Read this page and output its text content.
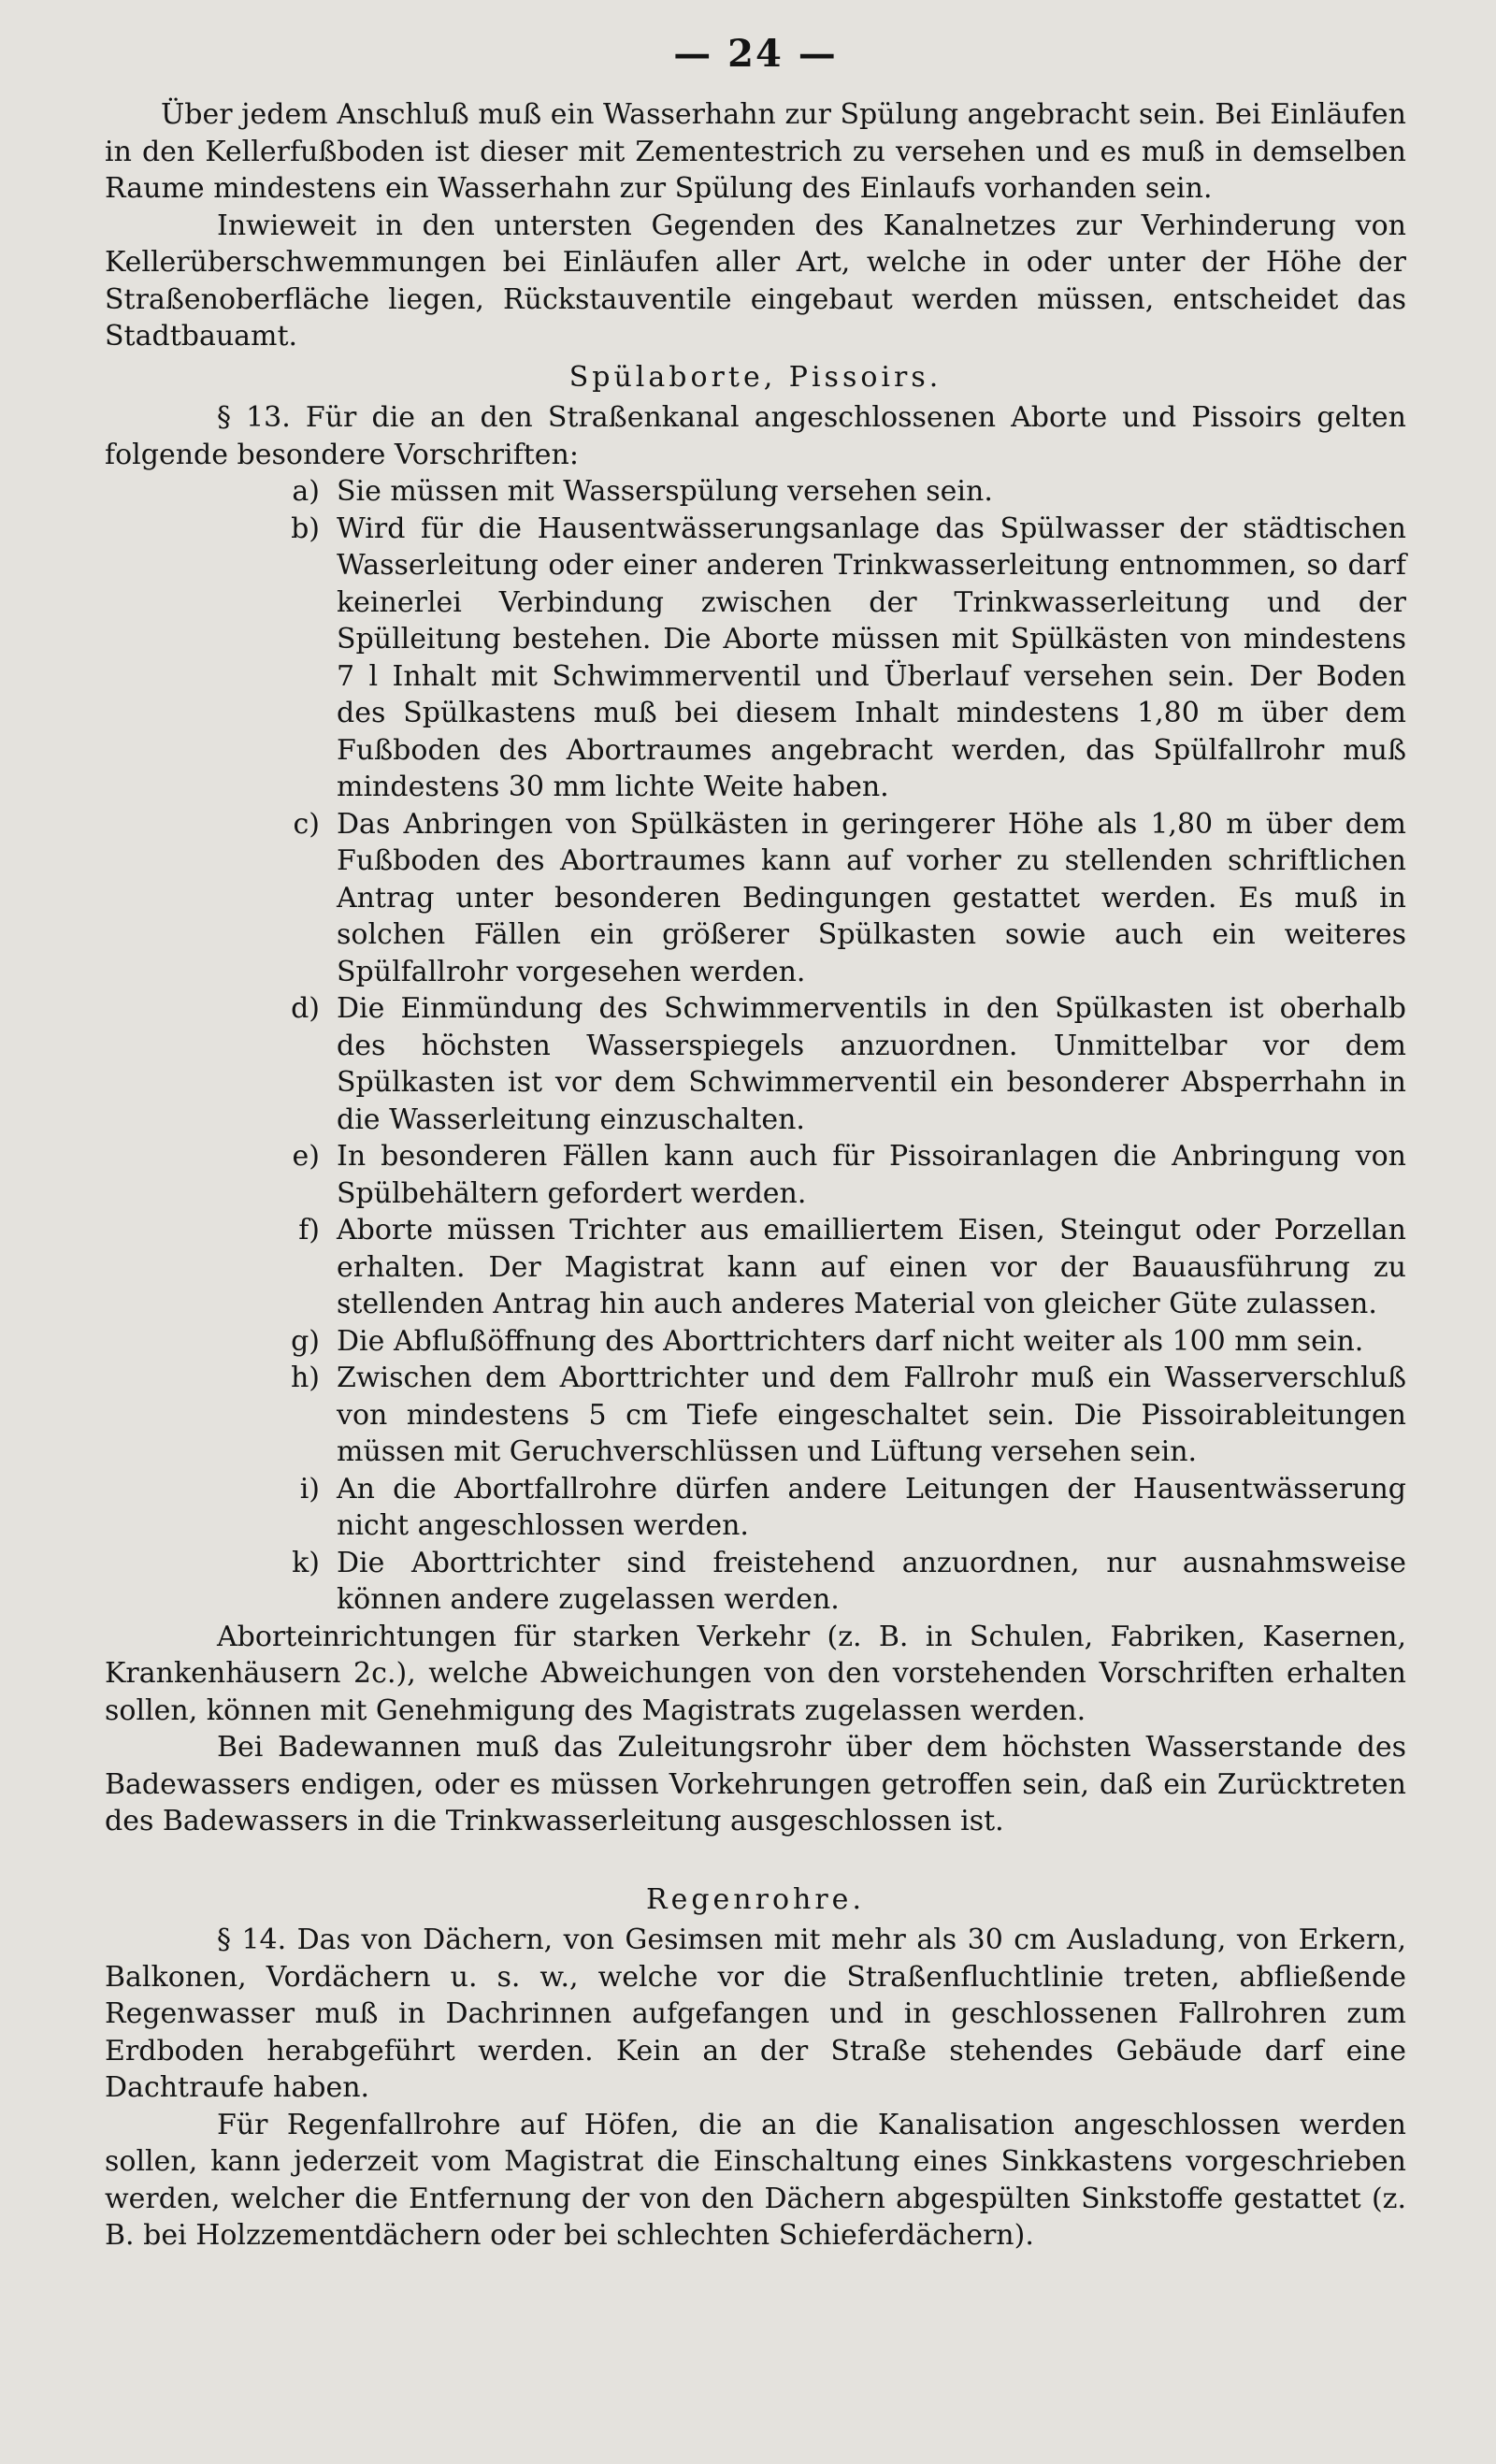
— 24 —

Über jedem Anschluß muß ein Wasserhahn zur Spülung angebracht sein. Bei Einläufen in den Kellerfußboden ist dieser mit Zementestrich zu versehen und es muß in demselben Raume mindestens ein Wasserhahn zur Spülung des Einlaufs vorhanden sein.

Inwieweit in den untersten Gegenden des Kanalnetzes zur Verhinderung von Kellerüberschwemmungen bei Einläufen aller Art, welche in oder unter der Höhe der Straßenoberfläche liegen, Rückstauventile eingebaut werden müssen, entscheidet das Stadtbauamt.

Spülaborte, Pissoirs.

§ 13. Für die an den Straßenkanal angeschlossenen Aborte und Pissoirs gelten folgende besondere Vorschriften:

a) Sie müssen mit Wasserspülung versehen sein.
b) Wird für die Hausentwässerungsanlage das Spülwasser der städtischen Wasserleitung oder einer anderen Trinkwasserleitung entnommen, so darf keinerlei Verbindung zwischen der Trinkwasserleitung und der Spülleitung bestehen. Die Aborte müssen mit Spülkästen von mindestens 7 l Inhalt mit Schwimmerventil und Überlauf versehen sein. Der Boden des Spülkastens muß bei diesem Inhalt mindestens 1,80 m über dem Fußboden des Abortraumes angebracht werden, das Spülfallrohr muß mindestens 30 mm lichte Weite haben.
c) Das Anbringen von Spülkästen in geringerer Höhe als 1,80 m über dem Fußboden des Abortraumes kann auf vorher zu stellenden schriftlichen Antrag unter besonderen Bedingungen gestattet werden. Es muß in solchen Fällen ein größerer Spülkasten sowie auch ein weiteres Spülfallrohr vorgesehen werden.
d) Die Einmündung des Schwimmerventils in den Spülkasten ist oberhalb des höchsten Wasserspiegels anzuordnen. Unmittelbar vor dem Spülkasten ist vor dem Schwimmerventil ein besonderer Absperrhahn in die Wasserleitung einzuschalten.
e) In besonderen Fällen kann auch für Pissoiranlagen die Anbringung von Spülbehältern gefordert werden.
f) Aborte müssen Trichter aus emailliertem Eisen, Steingut oder Porzellan erhalten. Der Magistrat kann auf einen vor der Bauausführung zu stellenden Antrag hin auch anderes Material von gleicher Güte zulassen.
g) Die Abflußöffnung des Aborttrichters darf nicht weiter als 100 mm sein.
h) Zwischen dem Aborttrichter und dem Fallrohr muß ein Wasserverschluß von mindestens 5 cm Tiefe eingeschaltet sein. Die Pissoirableitungen müssen mit Geruchverschlüssen und Lüftung versehen sein.
i) An die Abortfallrohre dürfen andere Leitungen der Hausentwässerung nicht angeschlossen werden.
k) Die Aborttrichter sind freistehend anzuordnen, nur ausnahmsweise können andere zugelassen werden.

Aborteinrichtungen für starken Verkehr (z. B. in Schulen, Fabriken, Kasernen, Krankenhäusern 2c.), welche Abweichungen von den vorstehenden Vorschriften erhalten sollen, können mit Genehmigung des Magistrats zugelassen werden.

Bei Badewannen muß das Zuleitungsrohr über dem höchsten Wasserstande des Badewassers endigen, oder es müssen Vorkehrungen getroffen sein, daß ein Zurücktreten des Badewassers in die Trinkwasserleitung ausgeschlossen ist.

Regenrohre.

§ 14. Das von Dächern, von Gesimsen mit mehr als 30 cm Ausladung, von Erkern, Balkonen, Vordächern u. s. w., welche vor die Straßenfluchtlinie treten, abfließende Regenwasser muß in Dachrinnen aufgefangen und in geschlossenen Fallrohren zum Erdboden herabgeführt werden. Kein an der Straße stehendes Gebäude darf eine Dachtraufe haben.

Für Regenfallrohre auf Höfen, die an die Kanalisation angeschlossen werden sollen, kann jederzeit vom Magistrat die Einschaltung eines Sinkkastens vorgeschrieben werden, welcher die Entfernung der von den Dächern abgespülten Sinkstoffe gestattet (z. B. bei Holzzementdächern oder bei schlechten Schieferdächern).
